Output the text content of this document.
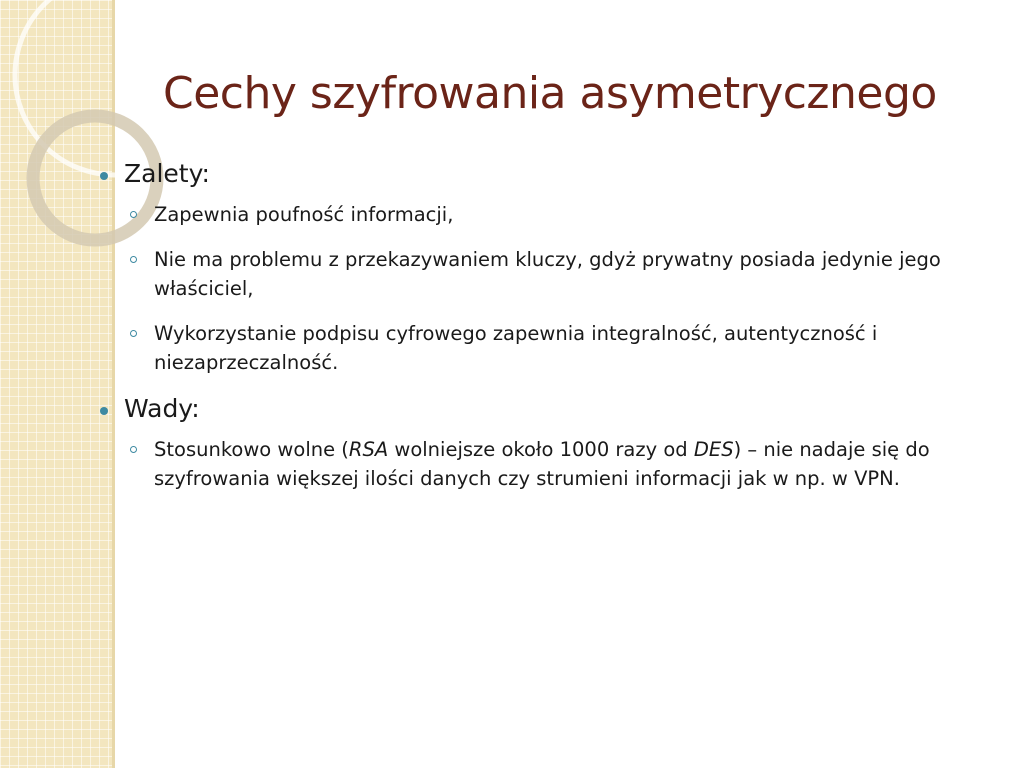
Cechy szyfrowania asymetrycznego
Zalety:
Zapewnia poufność informacji,
Nie ma problemu z przekazywaniem kluczy, gdyż prywatny posiada jedynie jego właściciel,
Wykorzystanie podpisu cyfrowego zapewnia integralność, autentyczność i niezaprzeczalność.
Wady:
Stosunkowo wolne (RSA wolniejsze około 1000 razy od DES) – nie nadaje się do szyfrowania większej ilości danych czy strumieni informacji jak w np. w VPN.
